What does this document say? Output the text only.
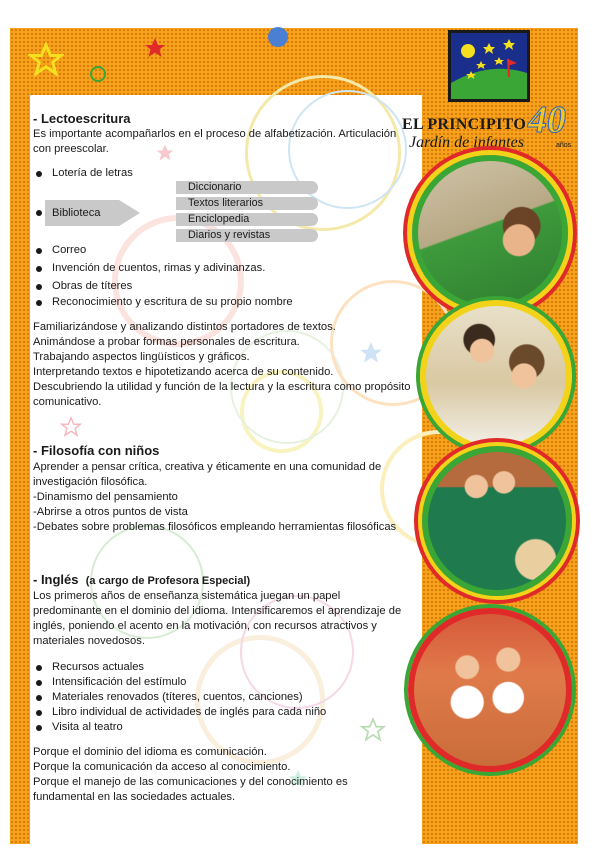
EL PRINCIPITO
Jardín de infantes
40
años
- Lectoescritura
Es importante acompañarlos en el proceso de alfabetización. Articulación
con preescolar.
Lotería de letras
Biblioteca
Diccionario
Textos literarios
Enciclopedia
Diarios y revistas
Correo
Invención de cuentos, rimas y adivinanzas.
Obras de títeres
Reconocimiento y escritura de su propio nombre
Familiarizándose y analizando distintos portadores de textos.
Animándose a probar formas personales de escritura.
Trabajando aspectos lingüísticos y gráficos.
Interpretando textos e hipotetizando acerca de su contenido.
Descubriendo la utilidad y función de la lectura y la escritura como propósito
comunicativo.
- Filosofía con niños
Aprender a pensar crítica, creativa y éticamente en una comunidad de
investigación filosófica.
-Dinamismo del pensamiento
-Abrirse a otros puntos de vista
-Debates sobre problemas filosóficos empleando herramientas filosóficas
- Inglés (a cargo de Profesora Especial)
Los primeros años de enseñanza sistemática juegan un papel
predominante en el dominio del idioma. Intensificaremos el aprendizaje de
inglés, poniendo el acento en la motivación, con recursos atractivos y
materiales novedosos.
Recursos actuales
Intensificación del estímulo
Materiales renovados (títeres, cuentos, canciones)
Libro individual de actividades de inglés para cada niño
Visita al teatro
Porque el dominio del idioma es comunicación.
Porque la comunicación da acceso al conocimiento.
Porque el manejo de las comunicaciones y del conocimiento es
fundamental en las sociedades actuales.
